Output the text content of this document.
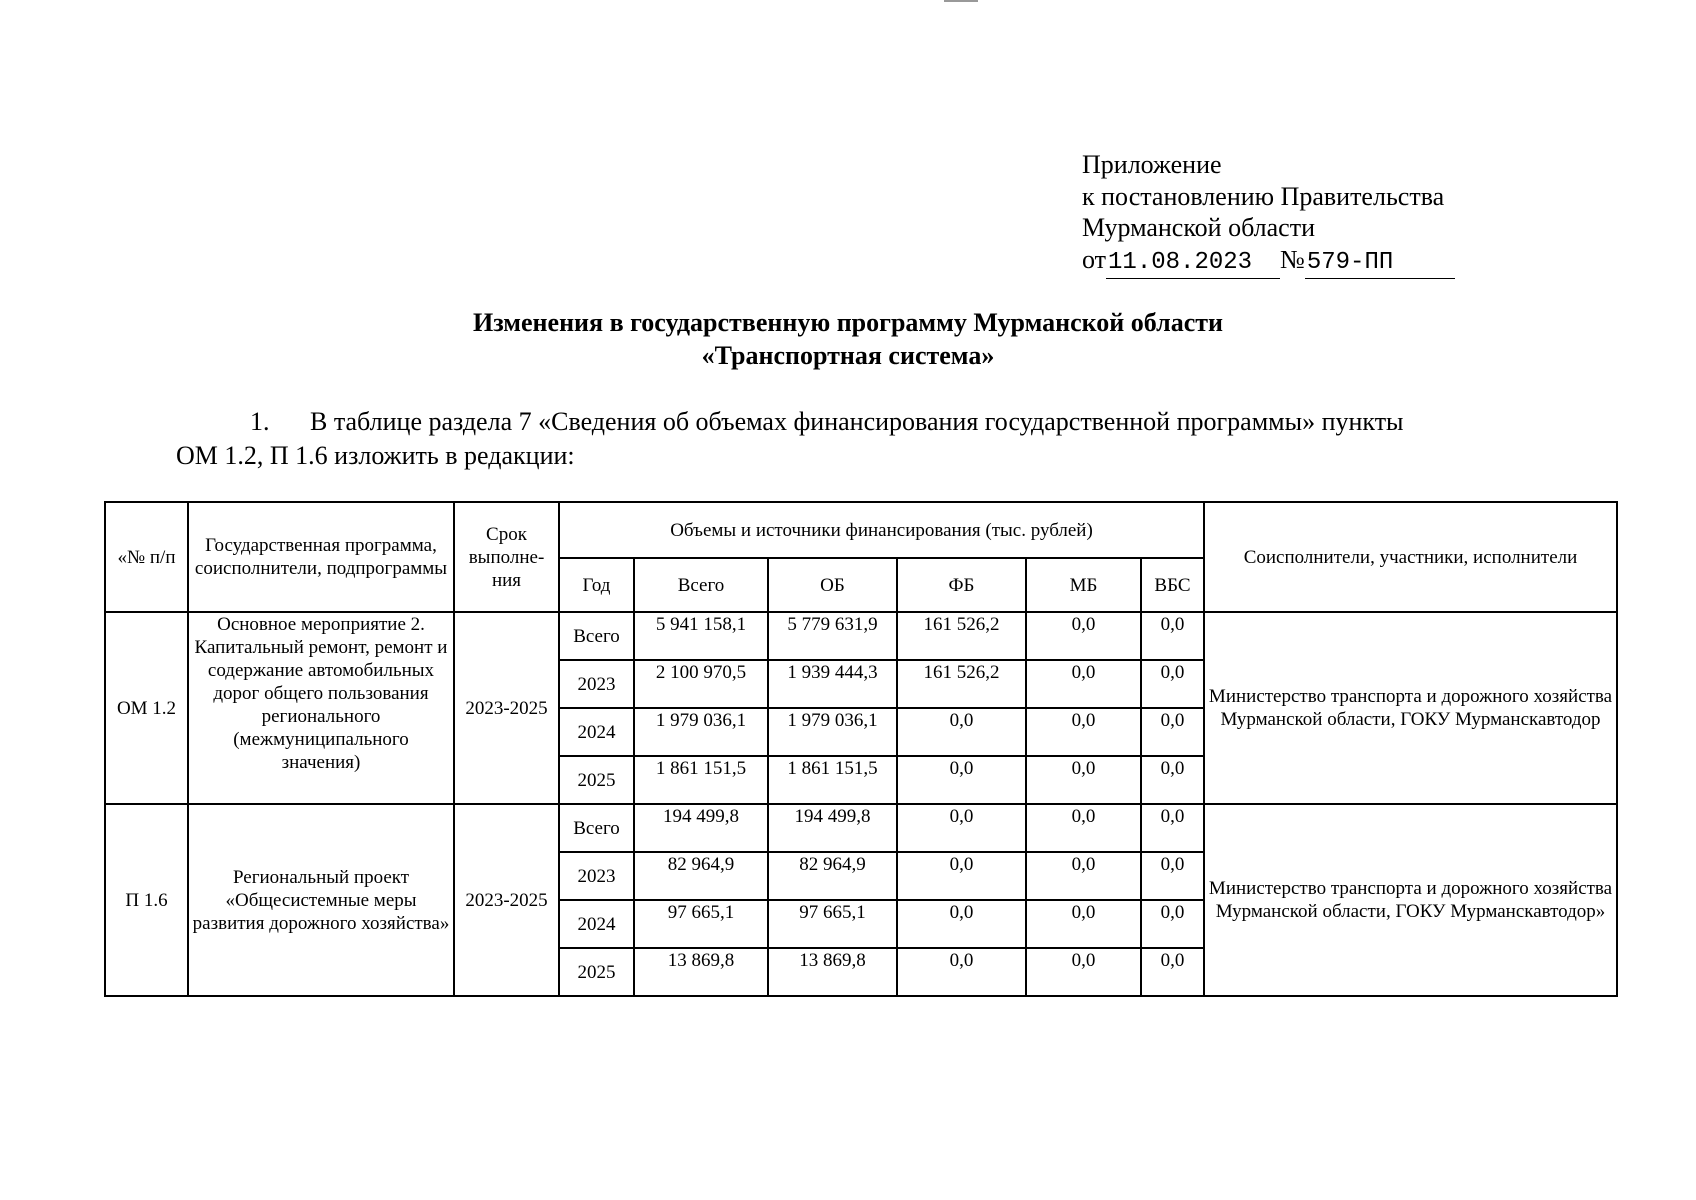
Приложение
к постановлению Правительства
Мурманской области
от11.08.2023 №579-ПП
Изменения в государственную программу Мурманской области
«Транспортная система»
1. В таблице раздела 7 «Сведения об объемах финансирования государственной программы» пункты
ОМ 1.2, П 1.6 изложить в редакции:
«№ п/п	Государственная программа, соисполнители, подпрограммы	Срок выполне-ния	Объемы и источники финансирования (тыс. рублей)						Соисполнители, участники, исполнители
			Год	Всего	ОБ	ФБ	МБ	ВБС	
ОМ 1.2	Основное мероприятие 2. Капитальный ремонт, ремонт и содержание автомобильных дорог общего пользования регионального (межмуниципального значения)	2023-2025	Всего	5 941 158,1	5 779 631,9	161 526,2	0,0	0,0	Министерство транспорта и дорожного хозяйства Мурманской области, ГОКУ Мурманскавтодор
			2023	2 100 970,5	1 939 444,3	161 526,2	0,0	0,0	
			2024	1 979 036,1	1 979 036,1	0,0	0,0	0,0	
			2025	1 861 151,5	1 861 151,5	0,0	0,0	0,0	
П 1.6	Региональный проект «Общесистемные меры развития дорожного хозяйства»	2023-2025	Всего	194 499,8	194 499,8	0,0	0,0	0,0	Министерство транспорта и дорожного хозяйства Мурманской области, ГОКУ Мурманскавтодор»
			2023	82 964,9	82 964,9	0,0	0,0	0,0	
			2024	97 665,1	97 665,1	0,0	0,0	0,0	
			2025	13 869,8	13 869,8	0,0	0,0	0,0	
